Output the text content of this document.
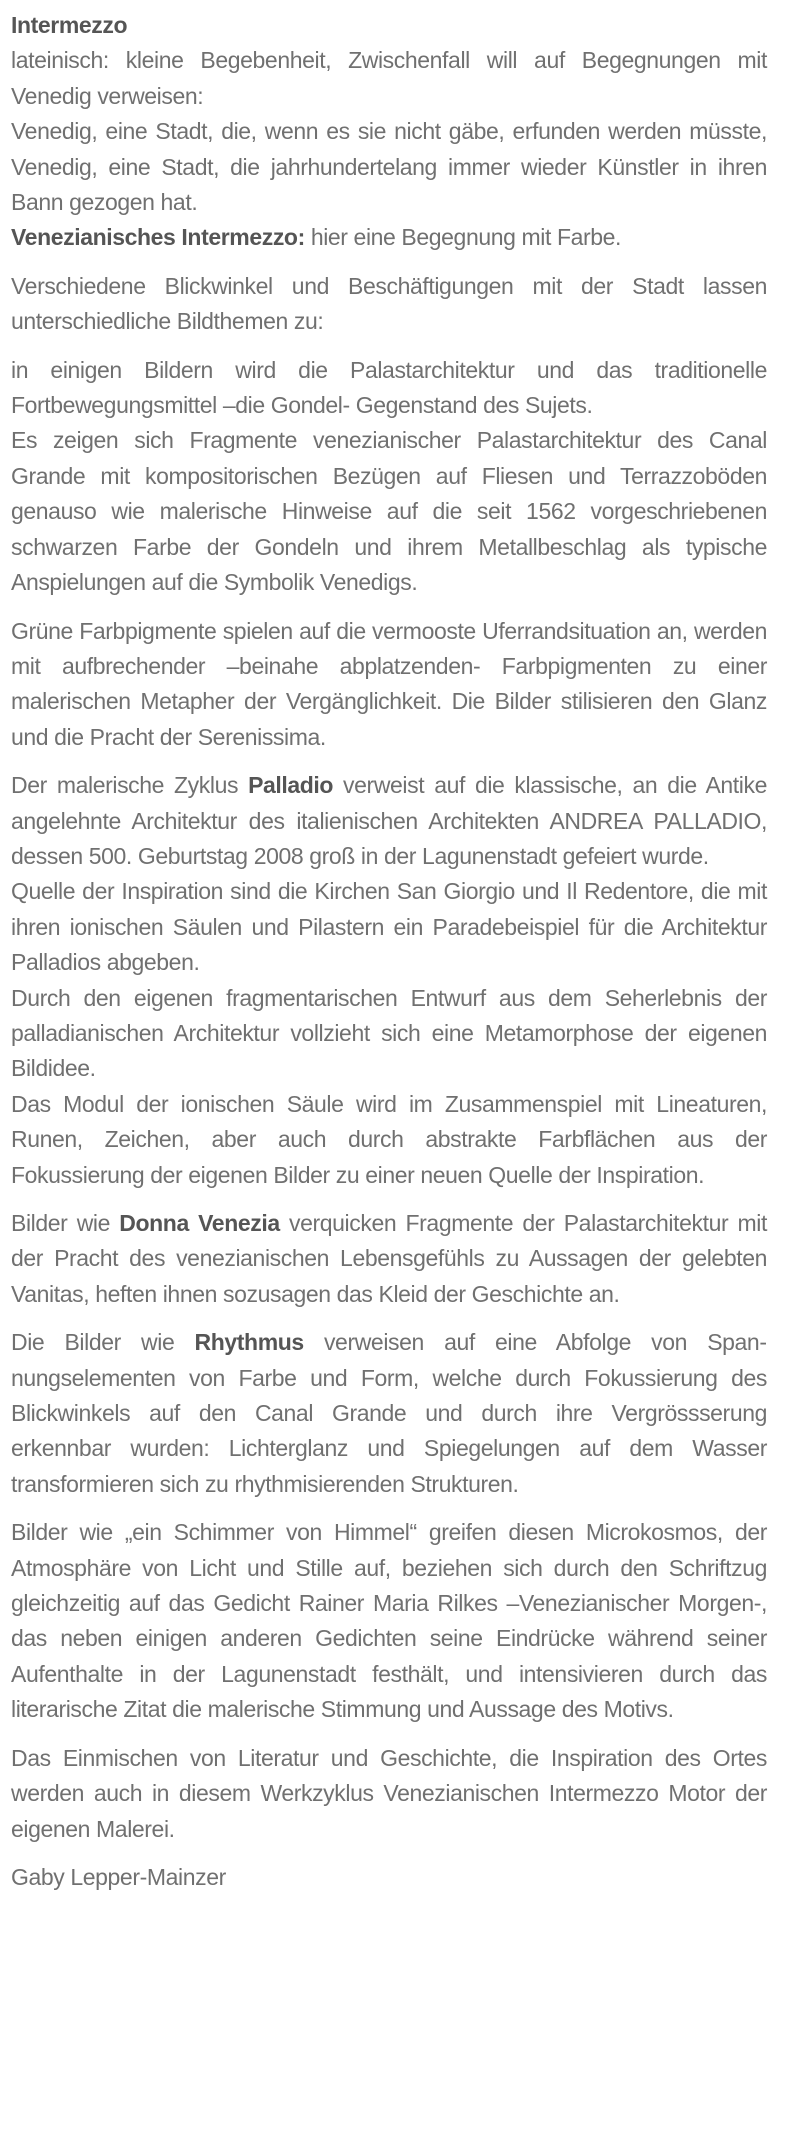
Intermezzo

lateinisch: kleine Begebenheit, Zwischenfall will auf Begegnungen mit Venedig verweisen:

Venedig, eine Stadt, die, wenn es sie nicht gäbe, erfunden werden müsste, Venedig, eine Stadt, die jahrhundertelang immer wieder Künstler in ihren Bann gezogen hat.

Venezianisches Intermezzo: hier eine Begegnung mit Farbe.

Verschiedene Blickwinkel und Beschäftigungen mit der Stadt lassen unterschiedliche Bildthemen zu:

in einigen Bildern wird die Palastarchitektur und das traditionelle Fortbewegungsmittel –die Gondel- Gegenstand des Sujets.

Es zeigen sich Fragmente venezianischer Palastarchitektur des Canal Grande mit kompositorischen Bezügen auf Fliesen und Terrazzoböden genauso wie malerische Hinweise auf die seit 1562 vorgeschriebenen schwarzen Farbe der Gondeln und ihrem Metallbeschlag als typische Anspielungen auf die Symbolik Venedigs.

Grüne Farbpigmente spielen auf die vermooste Uferrandsituation an, werden mit aufbrechender –beinahe abplatzenden- Farbpigmenten zu einer malerischen Metapher der Vergänglichkeit. Die Bilder stilisieren den Glanz und die Pracht der Serenissima.

Der malerische Zyklus Palladio verweist auf die klassische, an die Antike angelehnte Architektur des italienischen Architekten ANDREA PALLADIO, dessen 500. Geburtstag 2008 groß in der Lagunenstadt gefeiert wurde.

Quelle der Inspiration sind die Kirchen San Giorgio und Il Redentore, die mit ihren ionischen Säulen und Pilastern ein Paradebeispiel für die Architektur Palladios abgeben.

Durch den eigenen fragmentarischen Entwurf aus dem Seherlebnis der palladianischen Architektur vollzieht sich eine Metamorphose der eigenen Bildidee.

Das Modul der ionischen Säule wird im Zusammenspiel mit Lineaturen, Runen, Zeichen, aber auch durch abstrakte Farbflächen aus der Fokussierung der eigenen Bilder zu einer neuen Quelle der Inspiration.

Bilder wie Donna Venezia verquicken Fragmente der Palastarchitektur mit der Pracht des venezianischen Lebensgefühls zu Aussagen der gelebten Vanitas, heften ihnen sozusagen das Kleid der Geschichte an.

Die Bilder wie Rhythmus verweisen auf eine Abfolge von Spannungselementen von Farbe und Form, welche durch Fokussierung des Blickwinkels auf den Canal Grande und durch ihre Vergrössserung erkennbar wurden: Lichterglanz und Spiegelungen auf dem Wasser transformieren sich zu rhythmisierenden Strukturen.

Bilder wie „ein Schimmer von Himmel“ greifen diesen Microkosmos, der Atmosphäre von Licht und Stille auf, beziehen sich durch den Schriftzug gleichzeitig auf das Gedicht Rainer Maria Rilkes –Venezianischer Morgen-, das neben einigen anderen Gedichten seine Eindrücke während seiner Aufenthalte in der Lagunenstadt festhält, und intensivieren durch das literarische Zitat die malerische Stimmung und Aussage des Motivs.

Das Einmischen von Literatur und Geschichte, die Inspiration des Ortes werden auch in diesem Werkzyklus Venezianischen Intermezzo Motor der eigenen Malerei.

Gaby Lepper-Mainzer
